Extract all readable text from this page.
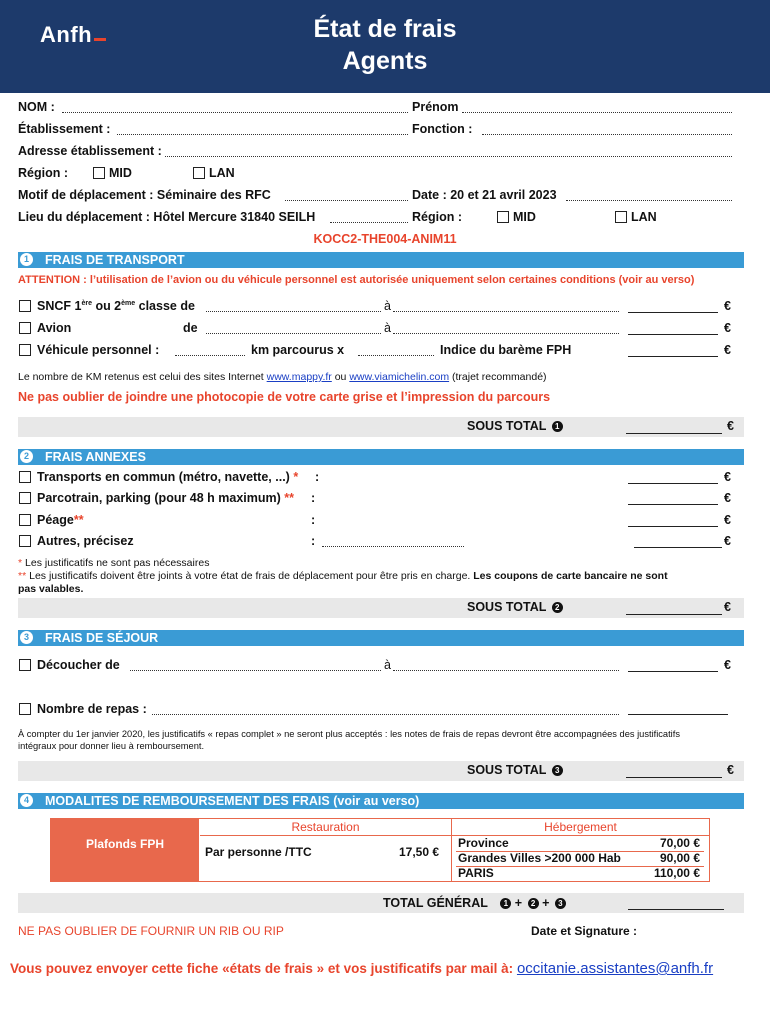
Anfh	État de frais
Agents
NOM :	Prénom
Établissement :	Fonction :
Adresse établissement :
Région :	MID	LAN
Motif de déplacement : Séminaire des RFC	Date : 20 et 21 avril 2023
Lieu du déplacement : Hôtel Mercure 31840 SEILH	Région :	MID	LAN
KOCC2-THE004-ANIM11
1	FRAIS DE TRANSPORT
ATTENTION : l’utilisation de l’avion ou du véhicule personnel est autorisée uniquement selon certaines conditions (voir au verso)
SNCF 1ère ou 2ème classe de	à	€
Avion	de	à	€
Véhicule personnel :	km parcourus x	Indice du barème FPH	€
Le nombre de KM retenus est celui des sites Internet www.mappy.fr ou www.viamichelin.com (trajet recommandé)
Ne pas oublier de joindre une photocopie de votre carte grise et l’impression du parcours
SOUS TOTAL 1	€
2	FRAIS ANNEXES
Transports en commun (métro, navette, ...) * :	€
Parcotrain, parking (pour 48 h maximum) ** :	€
Péage**	:	€
Autres, précisez	:	€
* Les justificatifs ne sont pas nécessaires
** Les justificatifs doivent être joints à votre état de frais de déplacement pour être pris en charge. Les coupons de carte bancaire ne sont
pas valables.
SOUS TOTAL 2	€
3	FRAIS DE SÉJOUR
Découcher de	à	€
Nombre de repas :
À compter du 1er janvier 2020, les justificatifs « repas complet » ne seront plus acceptés : les notes de frais de repas devront être accompagnées des justificatifs
intégraux pour donner lieu à remboursement.
SOUS TOTAL 3	€
4	MODALITES DE REMBOURSEMENT DES FRAIS (voir au verso)
Plafonds FPH
Restauration
Par personne /TTC	17,50 €
Hébergement
Province	70,00 €
Grandes Villes >200 000 Hab	90,00 €
PARIS	110,00 €
TOTAL GÉNÉRAL 1 + 2 + 3
NE PAS OUBLIER DE FOURNIR UN RIB OU RIP	Date et Signature :
Vous pouvez envoyer cette fiche «états de frais » et vos justificatifs par mail à: occitanie.assistantes@anfh.fr
